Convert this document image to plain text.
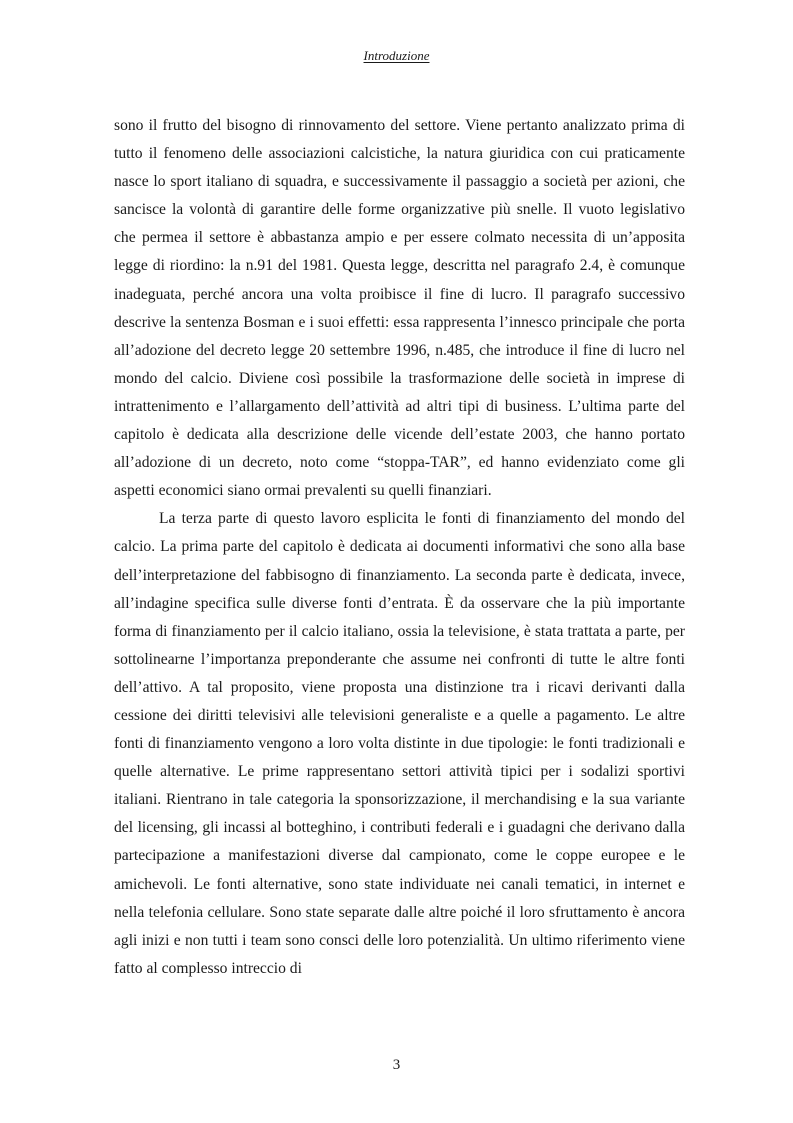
Introduzione

sono il frutto del bisogno di rinnovamento del settore. Viene pertanto analizzato prima di tutto il fenomeno delle associazioni calcistiche, la natura giuridica con cui praticamente nasce lo sport italiano di squadra, e successivamente il passaggio a società per azioni, che sancisce la volontà di garantire delle forme organizzative più snelle. Il vuoto legislativo che permea il settore è abbastanza ampio e per essere colmato necessita di un’apposita legge di riordino: la n.91 del 1981. Questa legge, descritta nel paragrafo 2.4, è comunque inadeguata, perché ancora una volta proibisce il fine di lucro. Il paragrafo successivo descrive la sentenza Bosman e i suoi effetti: essa rappresenta l’innesco principale che porta all’adozione del decreto legge 20 settembre 1996, n.485, che introduce il fine di lucro nel mondo del calcio. Diviene così possibile la trasformazione delle società in imprese di intrattenimento e l’allargamento dell’attività ad altri tipi di business. L’ultima parte del capitolo è dedicata alla descrizione delle vicende dell’estate 2003, che hanno portato all’adozione di un decreto, noto come “stoppa-TAR”, ed hanno evidenziato come gli aspetti economici siano ormai prevalenti su quelli finanziari.

La terza parte di questo lavoro esplicita le fonti di finanziamento del mondo del calcio. La prima parte del capitolo è dedicata ai documenti informativi che sono alla base dell’interpretazione del fabbisogno di finanziamento. La seconda parte è dedicata, invece, all’indagine specifica sulle diverse fonti d’entrata. È da osservare che la più importante forma di finanziamento per il calcio italiano, ossia la televisione, è stata trattata a parte, per sottolinearne l’importanza preponderante che assume nei confronti di tutte le altre fonti dell’attivo. A tal proposito, viene proposta una distinzione tra i ricavi derivanti dalla cessione dei diritti televisivi alle televisioni generaliste e a quelle a pagamento. Le altre fonti di finanziamento vengono a loro volta distinte in due tipologie: le fonti tradizionali e quelle alternative. Le prime rappresentano settori attività tipici per i sodalizi sportivi italiani. Rientrano in tale categoria la sponsorizzazione, il merchandising e la sua variante del licensing, gli incassi al botteghino, i contributi federali e i guadagni che derivano dalla partecipazione a manifestazioni diverse dal campionato, come le coppe europee e le amichevoli. Le fonti alternative, sono state individuate nei canali tematici, in internet e nella telefonia cellulare. Sono state separate dalle altre poiché il loro sfruttamento è ancora agli inizi e non tutti i team sono consci delle loro potenzialità. Un ultimo riferimento viene fatto al complesso intreccio di

3
